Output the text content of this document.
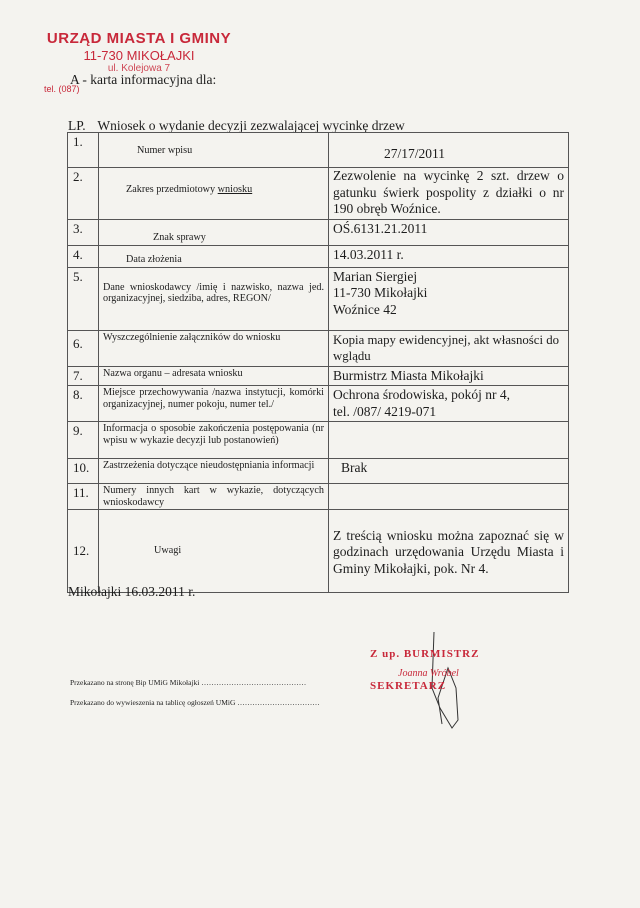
URZĄD MIASTA I GMINY
11-730 MIKOŁAJKI
ul. Kolejowa 7
tel. (087)
A - karta informacyjna dla:
LP. Wniosek o wydanie decyzji zezwalającej wycinkę drzew
1.	Numer wpisu	27/17/2011
2.	Zakres przedmiotowy wniosku	Zezwolenie na wycinkę 2 szt. drzew o gatunku świerk pospolity z działki o nr 190 obręb Woźnice.
3.	Znak sprawy	OŚ.6131.21.2011
4.	Data złożenia	14.03.2011 r.
5.	Dane wnioskodawcy /imię i nazwisko, nazwa jed. organizacyjnej, siedziba, adres, REGON/	Marian Siergiej
11-730 Mikołajki
Woźnice 42

6.	Wyszczególnienie załączników do wniosku	Kopia mapy ewidencyjnej, akt własności do wglądu
7.	Nazwa organu – adresata wniosku	Burmistrz Miasta Mikołajki
8.	Miejsce przechowywania /nazwa instytucji, komórki organizacyjnej, numer pokoju, numer tel./	Ochrona środowiska, pokój nr 4,
tel. /087/ 4219-071

9.	Informacja o sposobie zakończenia postępowania (nr wpisu w wykazie decyzji lub postanowień)	
10.	Zastrzeżenia dotyczące nieudostępniania informacji	Brak
11.	Numery innych kart w wykazie, dotyczących wnioskodawcy	
12.	Uwagi	Z treścią wniosku można zapoznać się w godzinach urzędowania Urzędu Miasta i Gminy Mikołajki, pok. Nr 4.
Mikołajki 16.03.2011 r.
Przekazano na stronę Bip UMiG Mikołajki ……………………………………
Przekazano do wywieszenia na tablicę ogłoszeń UMiG ……………………………
Z up. BURMISTRZ
Joanna Wróbel
SEKRETARZ
